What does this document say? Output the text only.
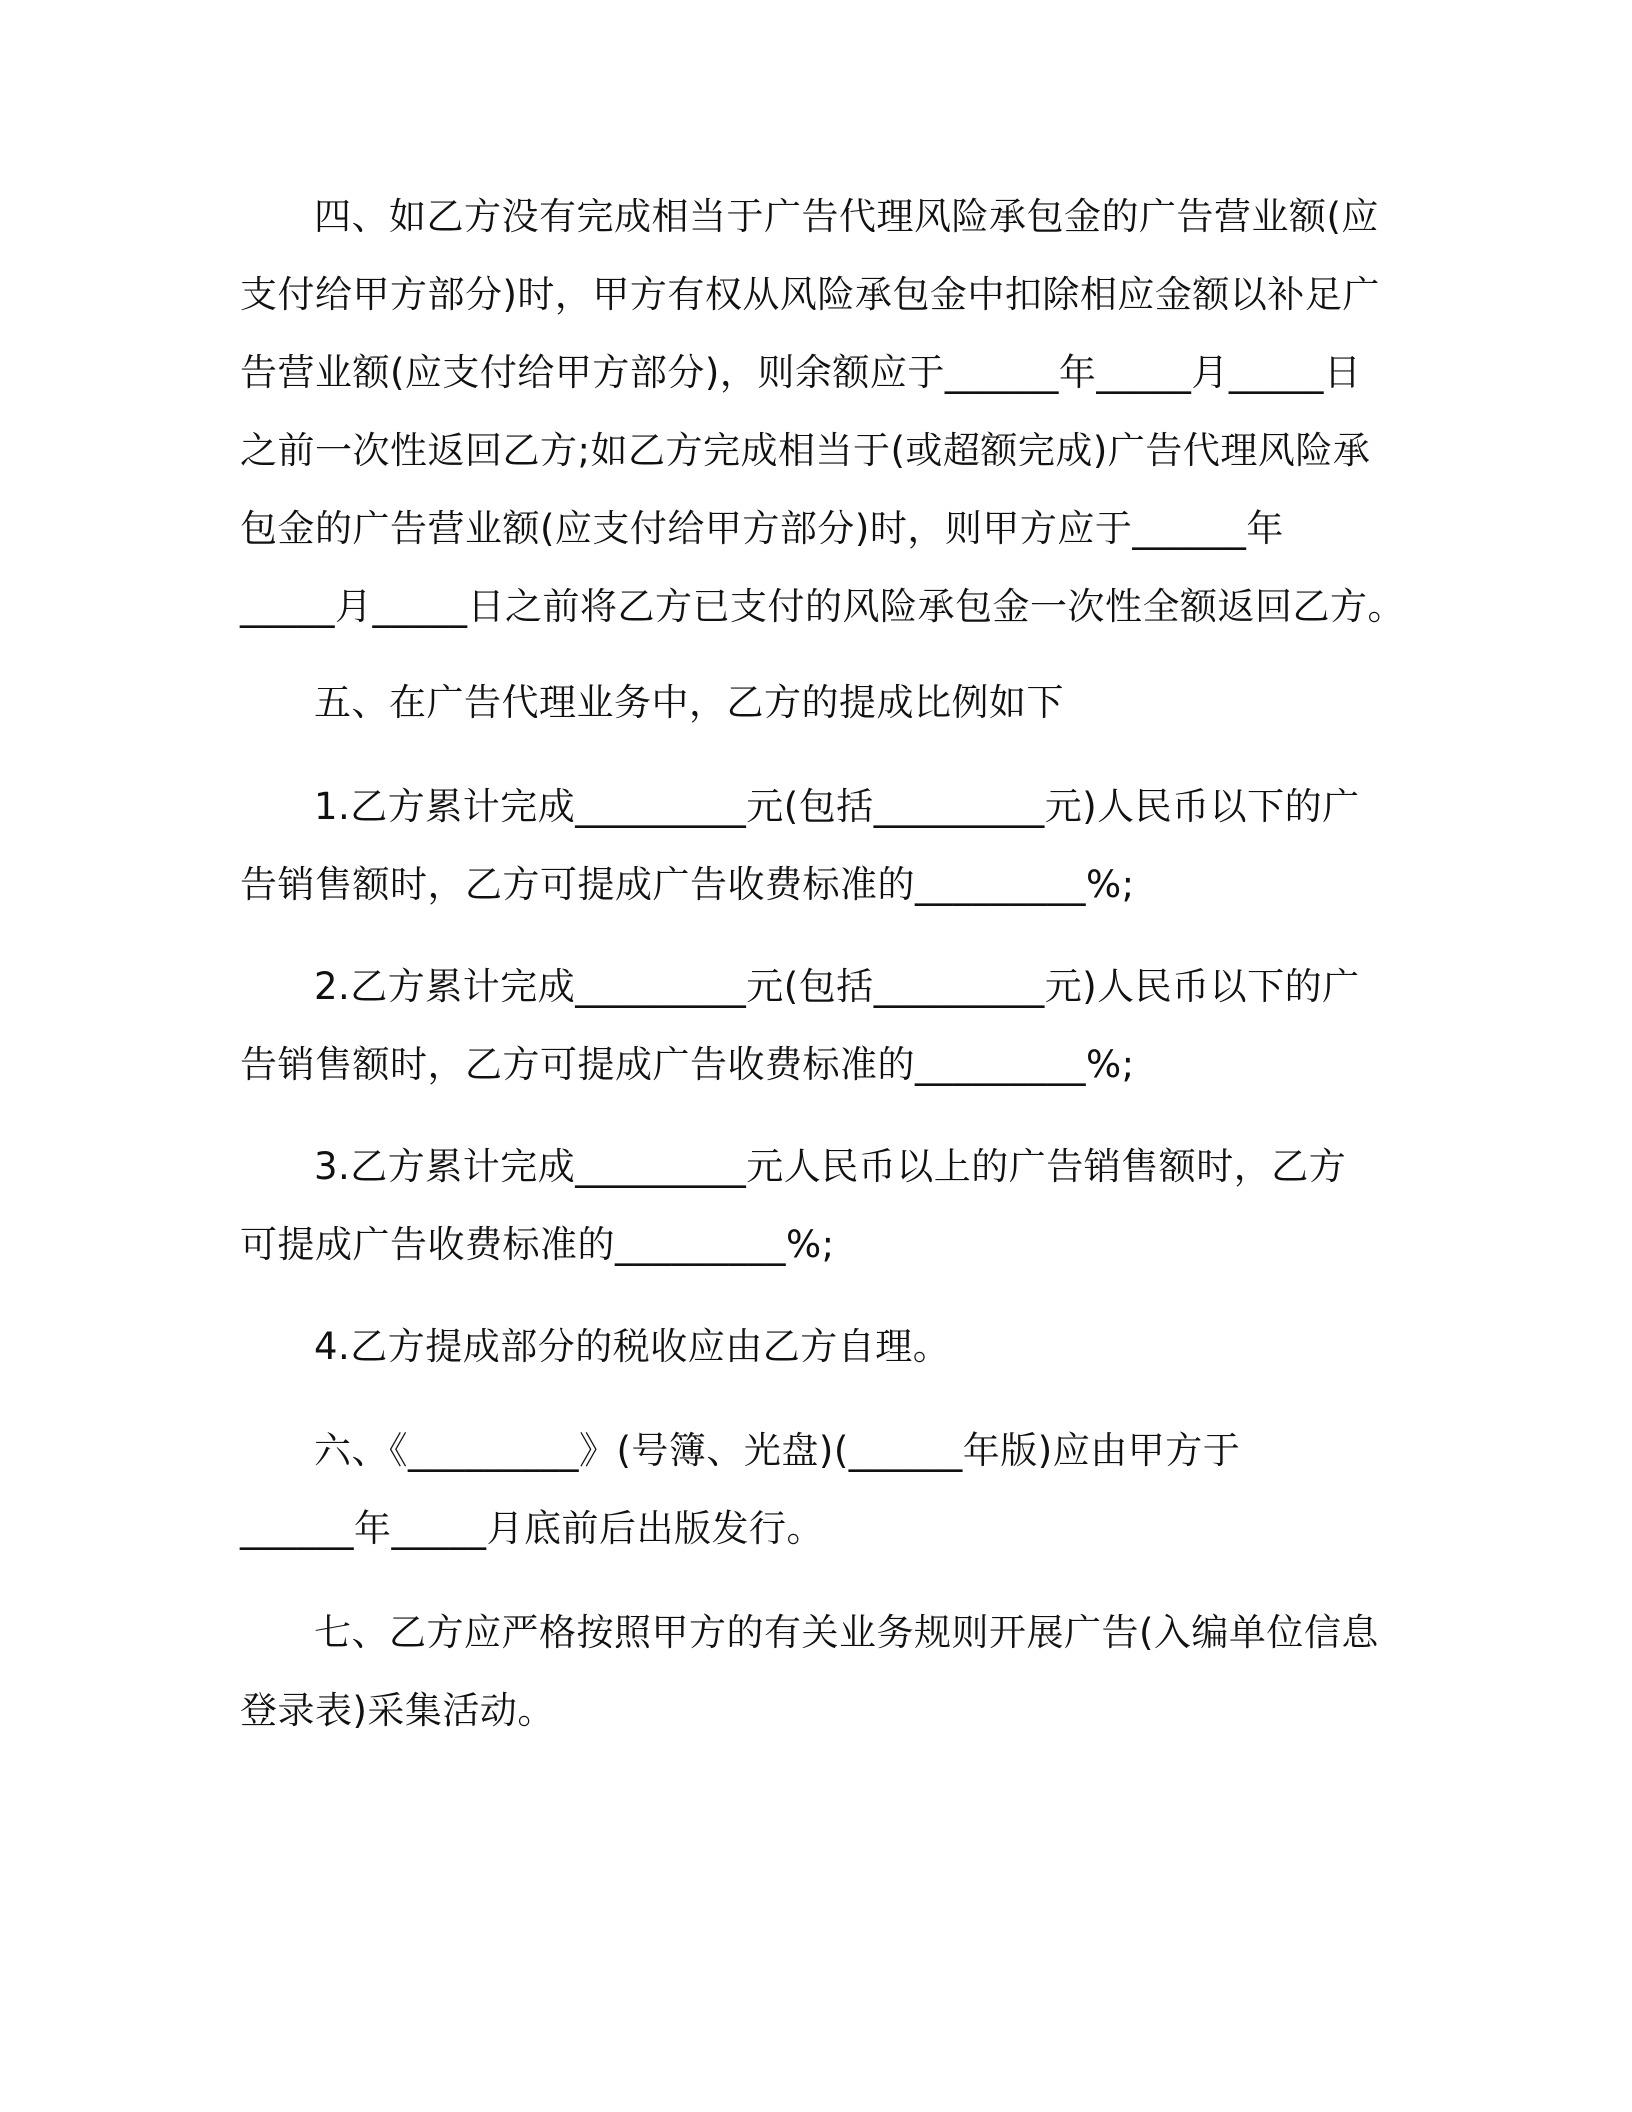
四、如乙方没有完成相当于广告代理风险承包金的广告营业额(应
支付给甲方部分)时，甲方有权从风险承包金中扣除相应金额以补足广
告营业额(应支付给甲方部分)，则余额应于______年_____月_____日
之前一次性返回乙方;如乙方完成相当于(或超额完成)广告代理风险承
包金的广告营业额(应支付给甲方部分)时，则甲方应于______年
_____月_____日之前将乙方已支付的风险承包金一次性全额返回乙方。

五、在广告代理业务中，乙方的提成比例如下

1.乙方累计完成_________元(包括_________元)人民币以下的广
告销售额时，乙方可提成广告收费标准的_________%;

2.乙方累计完成_________元(包括_________元)人民币以下的广
告销售额时，乙方可提成广告收费标准的_________%;

3.乙方累计完成_________元人民币以上的广告销售额时，乙方
可提成广告收费标准的_________%;

4.乙方提成部分的税收应由乙方自理。

六、《_________》(号簿、光盘)(______年版)应由甲方于
______年_____月底前后出版发行。

七、乙方应严格按照甲方的有关业务规则开展广告(入编单位信息
登录表)采集活动。
